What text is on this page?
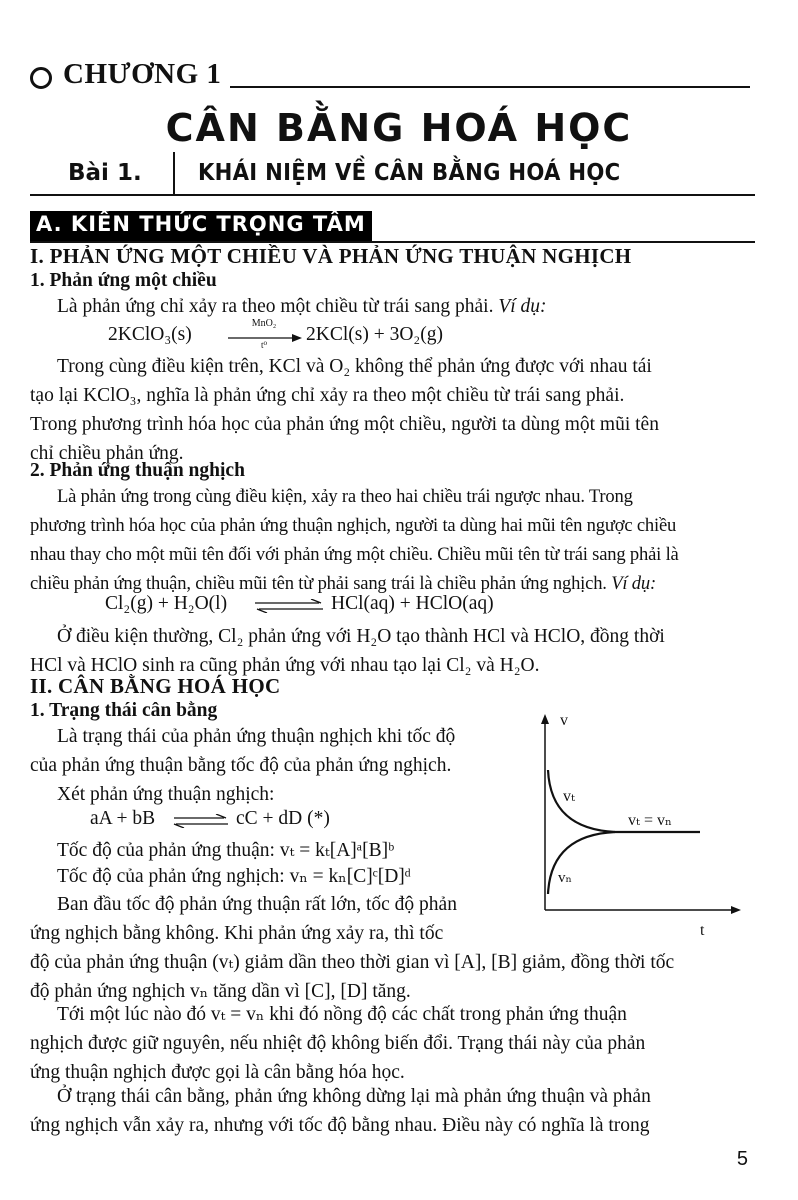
CHƯƠNG 1
CÂN BẰNG HOÁ HỌC
Bài 1. KHÁI NIỆM VỀ CÂN BẰNG HOÁ HỌC
A. KIẾN THỨC TRỌNG TÂM
I. PHẢN ỨNG MỘT CHIỀU VÀ PHẢN ỨNG THUẬN NGHỊCH
1. Phản ứng một chiều
Là phản ứng chỉ xảy ra theo một chiều từ trái sang phải. Ví dụ:
2KClO₃(s)
MnO₂
t⁰	2KCl(s) + 3O₂(g)
Trong cùng điều kiện trên, KCl và O₂ không thể phản ứng được với nhau tái
tạo lại KClO₃, nghĩa là phản ứng chỉ xảy ra theo một chiều từ trái sang phải.
Trong phương trình hóa học của phản ứng một chiều, người ta dùng một mũi tên
chỉ chiều phản ứng.
2. Phản ứng thuận nghịch
Là phản ứng trong cùng điều kiện, xảy ra theo hai chiều trái ngược nhau. Trong
phương trình hóa học của phản ứng thuận nghịch, người ta dùng hai mũi tên ngược chiều
nhau thay cho một mũi tên đối với phản ứng một chiều. Chiều mũi tên từ trái sang phải là
chiều phản ứng thuận, chiều mũi tên từ phải sang trái là chiều phản ứng nghịch. Ví dụ:
Cl₂(g) + H₂O(l) ⇌ HCl(aq) + HClO(aq)
Ở điều kiện thường, Cl₂ phản ứng với H₂O tạo thành HCl và HClO, đồng thời
HCl và HClO sinh ra cũng phản ứng với nhau tạo lại Cl₂ và H₂O.
II. CÂN BẰNG HOÁ HỌC
1. Trạng thái cân bằng
Là trạng thái của phản ứng thuận nghịch khi tốc độ
của phản ứng thuận bằng tốc độ của phản ứng nghịch.
Xét phản ứng thuận nghịch:
aA + bB ⇌ cC + dD (*)
Tốc độ của phản ứng thuận: vₜ = kₜ[A]ᵃ[B]ᵇ
Tốc độ của phản ứng nghịch: vₙ = kₙ[C]ᶜ[D]ᵈ
Ban đầu tốc độ phản ứng thuận rất lớn, tốc độ phản
ứng nghịch bằng không. Khi phản ứng xảy ra, thì tốc
độ của phản ứng thuận (vₜ) giảm dần theo thời gian vì [A], [B] giảm, đồng thời tốc
độ phản ứng nghịch vₙ tăng dần vì [C], [D] tăng.
Tới một lúc nào đó vₜ = vₙ khi đó nồng độ các chất trong phản ứng thuận
nghịch được giữ nguyên, nếu nhiệt độ không biến đổi. Trạng thái này của phản
ứng thuận nghịch được gọi là cân bằng hóa học.
Ở trạng thái cân bằng, phản ứng không dừng lại mà phản ứng thuận và phản
ứng nghịch vẫn xảy ra, nhưng với tốc độ bằng nhau. Điều này có nghĩa là trong
v
t
vₜ
vₜ = vₙ
vₙ
5
